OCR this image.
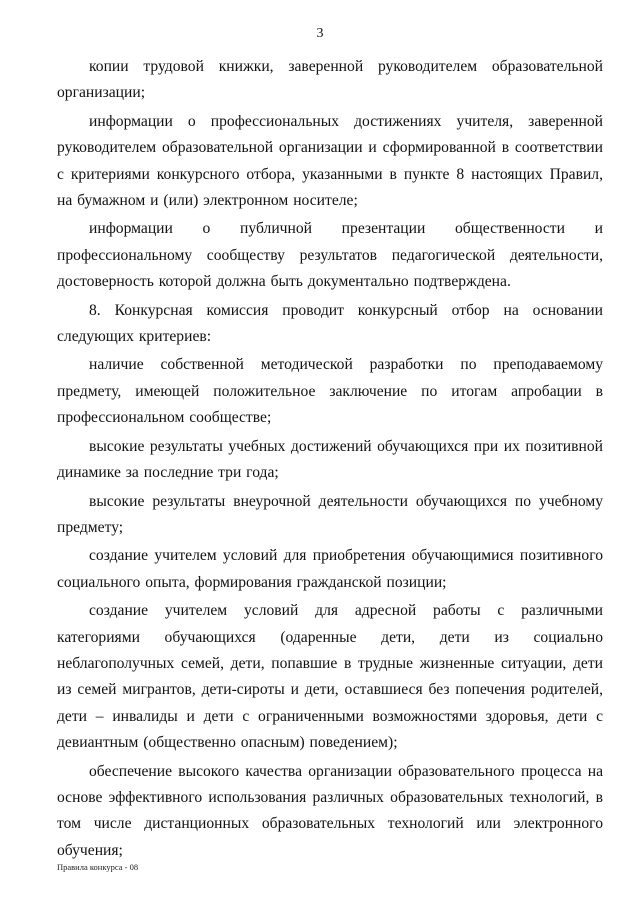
3

копии трудовой книжки, заверенной руководителем образовательной организации;

информации о профессиональных достижениях учителя, заверенной руководителем образовательной организации и сформированной в соответствии с критериями конкурсного отбора, указанными в пункте 8 настоящих Правил, на бумажном и (или) электронном носителе;

информации о публичной презентации общественности и профессиональному сообществу результатов педагогической деятельности, достоверность которой должна быть документально подтверждена.

8. Конкурсная комиссия проводит конкурсный отбор на основании следующих критериев:

наличие собственной методической разработки по преподаваемому предмету, имеющей положительное заключение по итогам апробации в профессиональном сообществе;

высокие результаты учебных достижений обучающихся при их позитивной динамике за последние три года;

высокие результаты внеурочной деятельности обучающихся по учебному предмету;

создание учителем условий для приобретения обучающимися позитивного социального опыта, формирования гражданской позиции;

создание учителем условий для адресной работы с различными категориями обучающихся (одаренные дети, дети из социально неблагополучных семей, дети, попавшие в трудные жизненные ситуации, дети из семей мигрантов, дети-сироты и дети, оставшиеся без попечения родителей, дети – инвалиды и дети с ограниченными возможностями здоровья, дети с девиантным (общественно опасным) поведением);

обеспечение высокого качества организации образовательного процесса на основе эффективного использования различных образовательных технологий, в том числе дистанционных образовательных технологий или электронного обучения;

Правила конкурса - 08
